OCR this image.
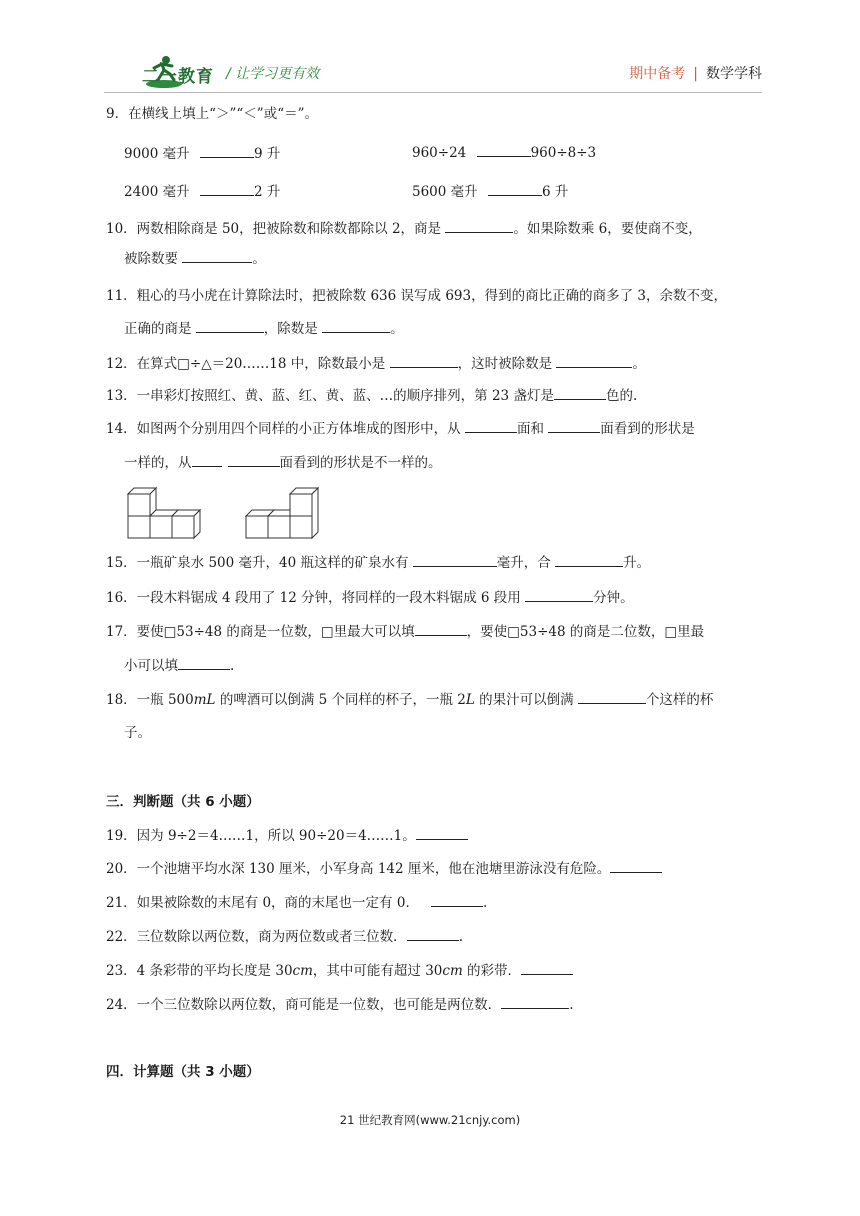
二一教育 / 让学习更有效	期中备考 | 数学学科
9．在横线上填上“＞”“＜”或“＝”。
9000 毫升	9 升	960÷24	960÷8÷3
2400 毫升	2 升	5600 毫升	6 升
10．两数相除商是 50，把被除数和除数都除以 2，商是	。如果除数乘 6，要使商不变，
被除数要	。
11．粗心的马小虎在计算除法时，把被除数 636 误写成 693，得到的商比正确的商多了 3，余数不变，
正确的商是	，除数是	。
12．在算式□÷△＝20……18 中，除数最小是	，这时被除数是	。
13．一串彩灯按照红、黄、蓝、红、黄、蓝、…的顺序排列，第 23 盏灯是	色的.
14．如图两个分别用四个同样的小正方体堆成的图形中，从	面和	面看到的形状是
一样的，从	面看到的形状是不一样的。
15．一瓶矿泉水 500 毫升，40 瓶这样的矿泉水有	毫升，合	升。
16．一段木料锯成 4 段用了 12 分钟，将同样的一段木料锯成 6 段用	分钟。
17．要使□53÷48 的商是一位数，□里最大可以填	，要使□53÷48 的商是二位数，□里最
小可以填	.
18．一瓶 500mL 的啤酒可以倒满 5 个同样的杯子，一瓶 2L 的果汁可以倒满	个这样的杯
子。
三．判断题（共 6 小题）
19．因为 9÷2＝4……1，所以 90÷20＝4……1。
20．一个池塘平均水深 130 厘米，小军身高 142 厘米，他在池塘里游泳没有危险。
21．如果被除数的末尾有 0，商的末尾也一定有 0．	.
22．三位数除以两位数，商为两位数或者三位数．	.
23．4 条彩带的平均长度是 30cm，其中可能有超过 30cm 的彩带．
24．一个三位数除以两位数，商可能是一位数，也可能是两位数．	.
四．计算题（共 3 小题）
21 世纪教育网(www.21cnjy.com)
